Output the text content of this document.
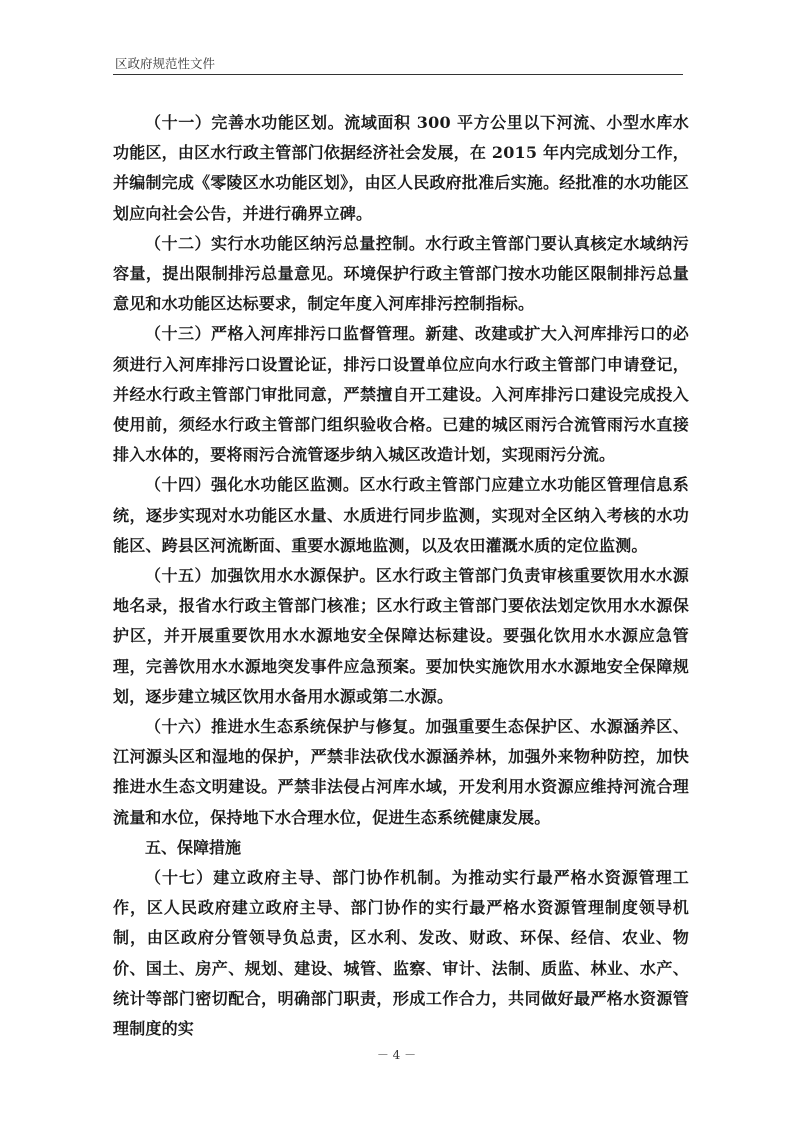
区政府规范性文件

（十一）完善水功能区划。流域面积 300 平方公里以下河流、小型水库水功能区，由区水行政主管部门依据经济社会发展，在 2015 年内完成划分工作，并编制完成《零陵区水功能区划》，由区人民政府批准后实施。经批准的水功能区划应向社会公告，并进行确界立碑。

（十二）实行水功能区纳污总量控制。水行政主管部门要认真核定水域纳污容量，提出限制排污总量意见。环境保护行政主管部门按水功能区限制排污总量意见和水功能区达标要求，制定年度入河库排污控制指标。

（十三）严格入河库排污口监督管理。新建、改建或扩大入河库排污口的必须进行入河库排污口设置论证，排污口设置单位应向水行政主管部门申请登记，并经水行政主管部门审批同意，严禁擅自开工建设。入河库排污口建设完成投入使用前，须经水行政主管部门组织验收合格。已建的城区雨污合流管雨污水直接排入水体的，要将雨污合流管逐步纳入城区改造计划，实现雨污分流。

（十四）强化水功能区监测。区水行政主管部门应建立水功能区管理信息系统，逐步实现对水功能区水量、水质进行同步监测，实现对全区纳入考核的水功能区、跨县区河流断面、重要水源地监测，以及农田灌溉水质的定位监测。

（十五）加强饮用水水源保护。区水行政主管部门负责审核重要饮用水水源地名录，报省水行政主管部门核准；区水行政主管部门要依法划定饮用水水源保护区，并开展重要饮用水水源地安全保障达标建设。要强化饮用水水源应急管理，完善饮用水水源地突发事件应急预案。要加快实施饮用水水源地安全保障规划，逐步建立城区饮用水备用水源或第二水源。

（十六）推进水生态系统保护与修复。加强重要生态保护区、水源涵养区、江河源头区和湿地的保护，严禁非法砍伐水源涵养林，加强外来物种防控，加快推进水生态文明建设。严禁非法侵占河库水域，开发利用水资源应维持河流合理流量和水位，保持地下水合理水位，促进生态系统健康发展。

五、保障措施

（十七）建立政府主导、部门协作机制。为推动实行最严格水资源管理工作，区人民政府建立政府主导、部门协作的实行最严格水资源管理制度领导机制，由区政府分管领导负总责，区水利、发改、财政、环保、经信、农业、物价、国土、房产、规划、建设、城管、监察、审计、法制、质监、林业、水产、统计等部门密切配合，明确部门职责，形成工作合力，共同做好最严格水资源管理制度的实

－ 4 －
